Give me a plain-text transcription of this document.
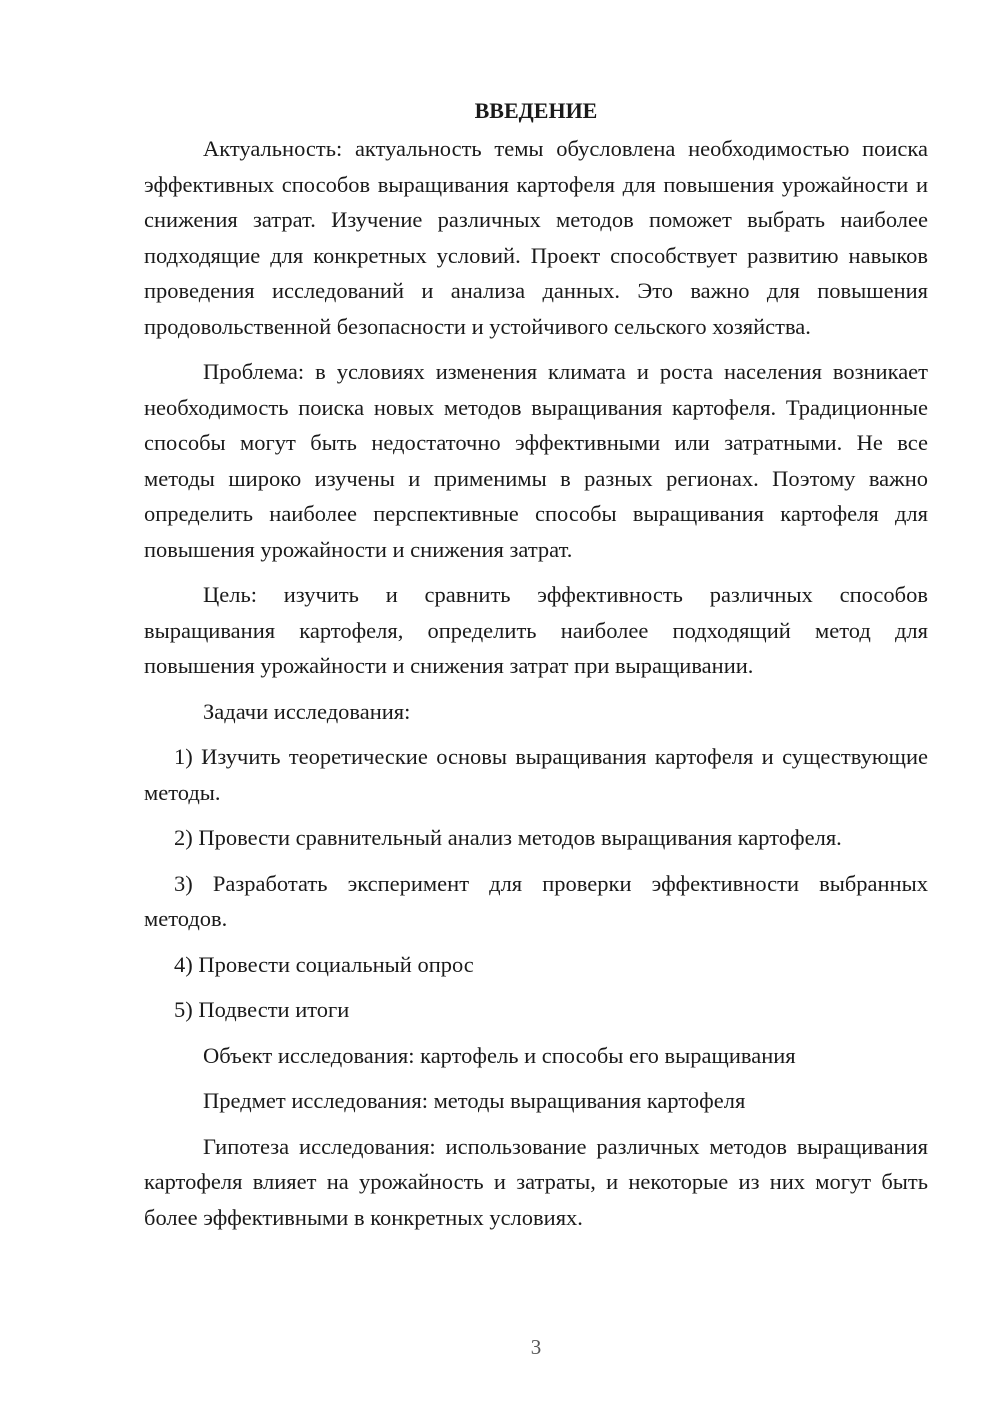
ВВЕДЕНИЕ

Актуальность: актуальность темы обусловлена необходимостью поиска эффективных способов выращивания картофеля для повышения урожайности и снижения затрат. Изучение различных методов поможет выбрать наиболее подходящие для конкретных условий. Проект способствует развитию навыков проведения исследований и анализа данных. Это важно для повышения продовольственной безопасности и устойчивого сельского хозяйства.

Проблема: в условиях изменения климата и роста населения возникает необходимость поиска новых методов выращивания картофеля. Традиционные способы могут быть недостаточно эффективными или затратными. Не все методы широко изучены и применимы в разных регионах. Поэтому важно определить наиболее перспективные способы выращивания картофеля для повышения урожайности и снижения затрат.

Цель: изучить и сравнить эффективность различных способов выращивания картофеля, определить наиболее подходящий метод для повышения урожайности и снижения затрат при выращивании.

Задачи исследования:

1) Изучить теоретические основы выращивания картофеля и существующие методы.

2) Провести сравнительный анализ методов выращивания картофеля.

3) Разработать эксперимент для проверки эффективности выбранных методов.

4) Провести социальный опрос

5) Подвести итоги

Объект исследования: картофель и способы его выращивания

Предмет исследования: методы выращивания картофеля

Гипотеза исследования: использование различных методов выращивания картофеля влияет на урожайность и затраты, и некоторые из них могут быть более эффективными в конкретных условиях.

3
